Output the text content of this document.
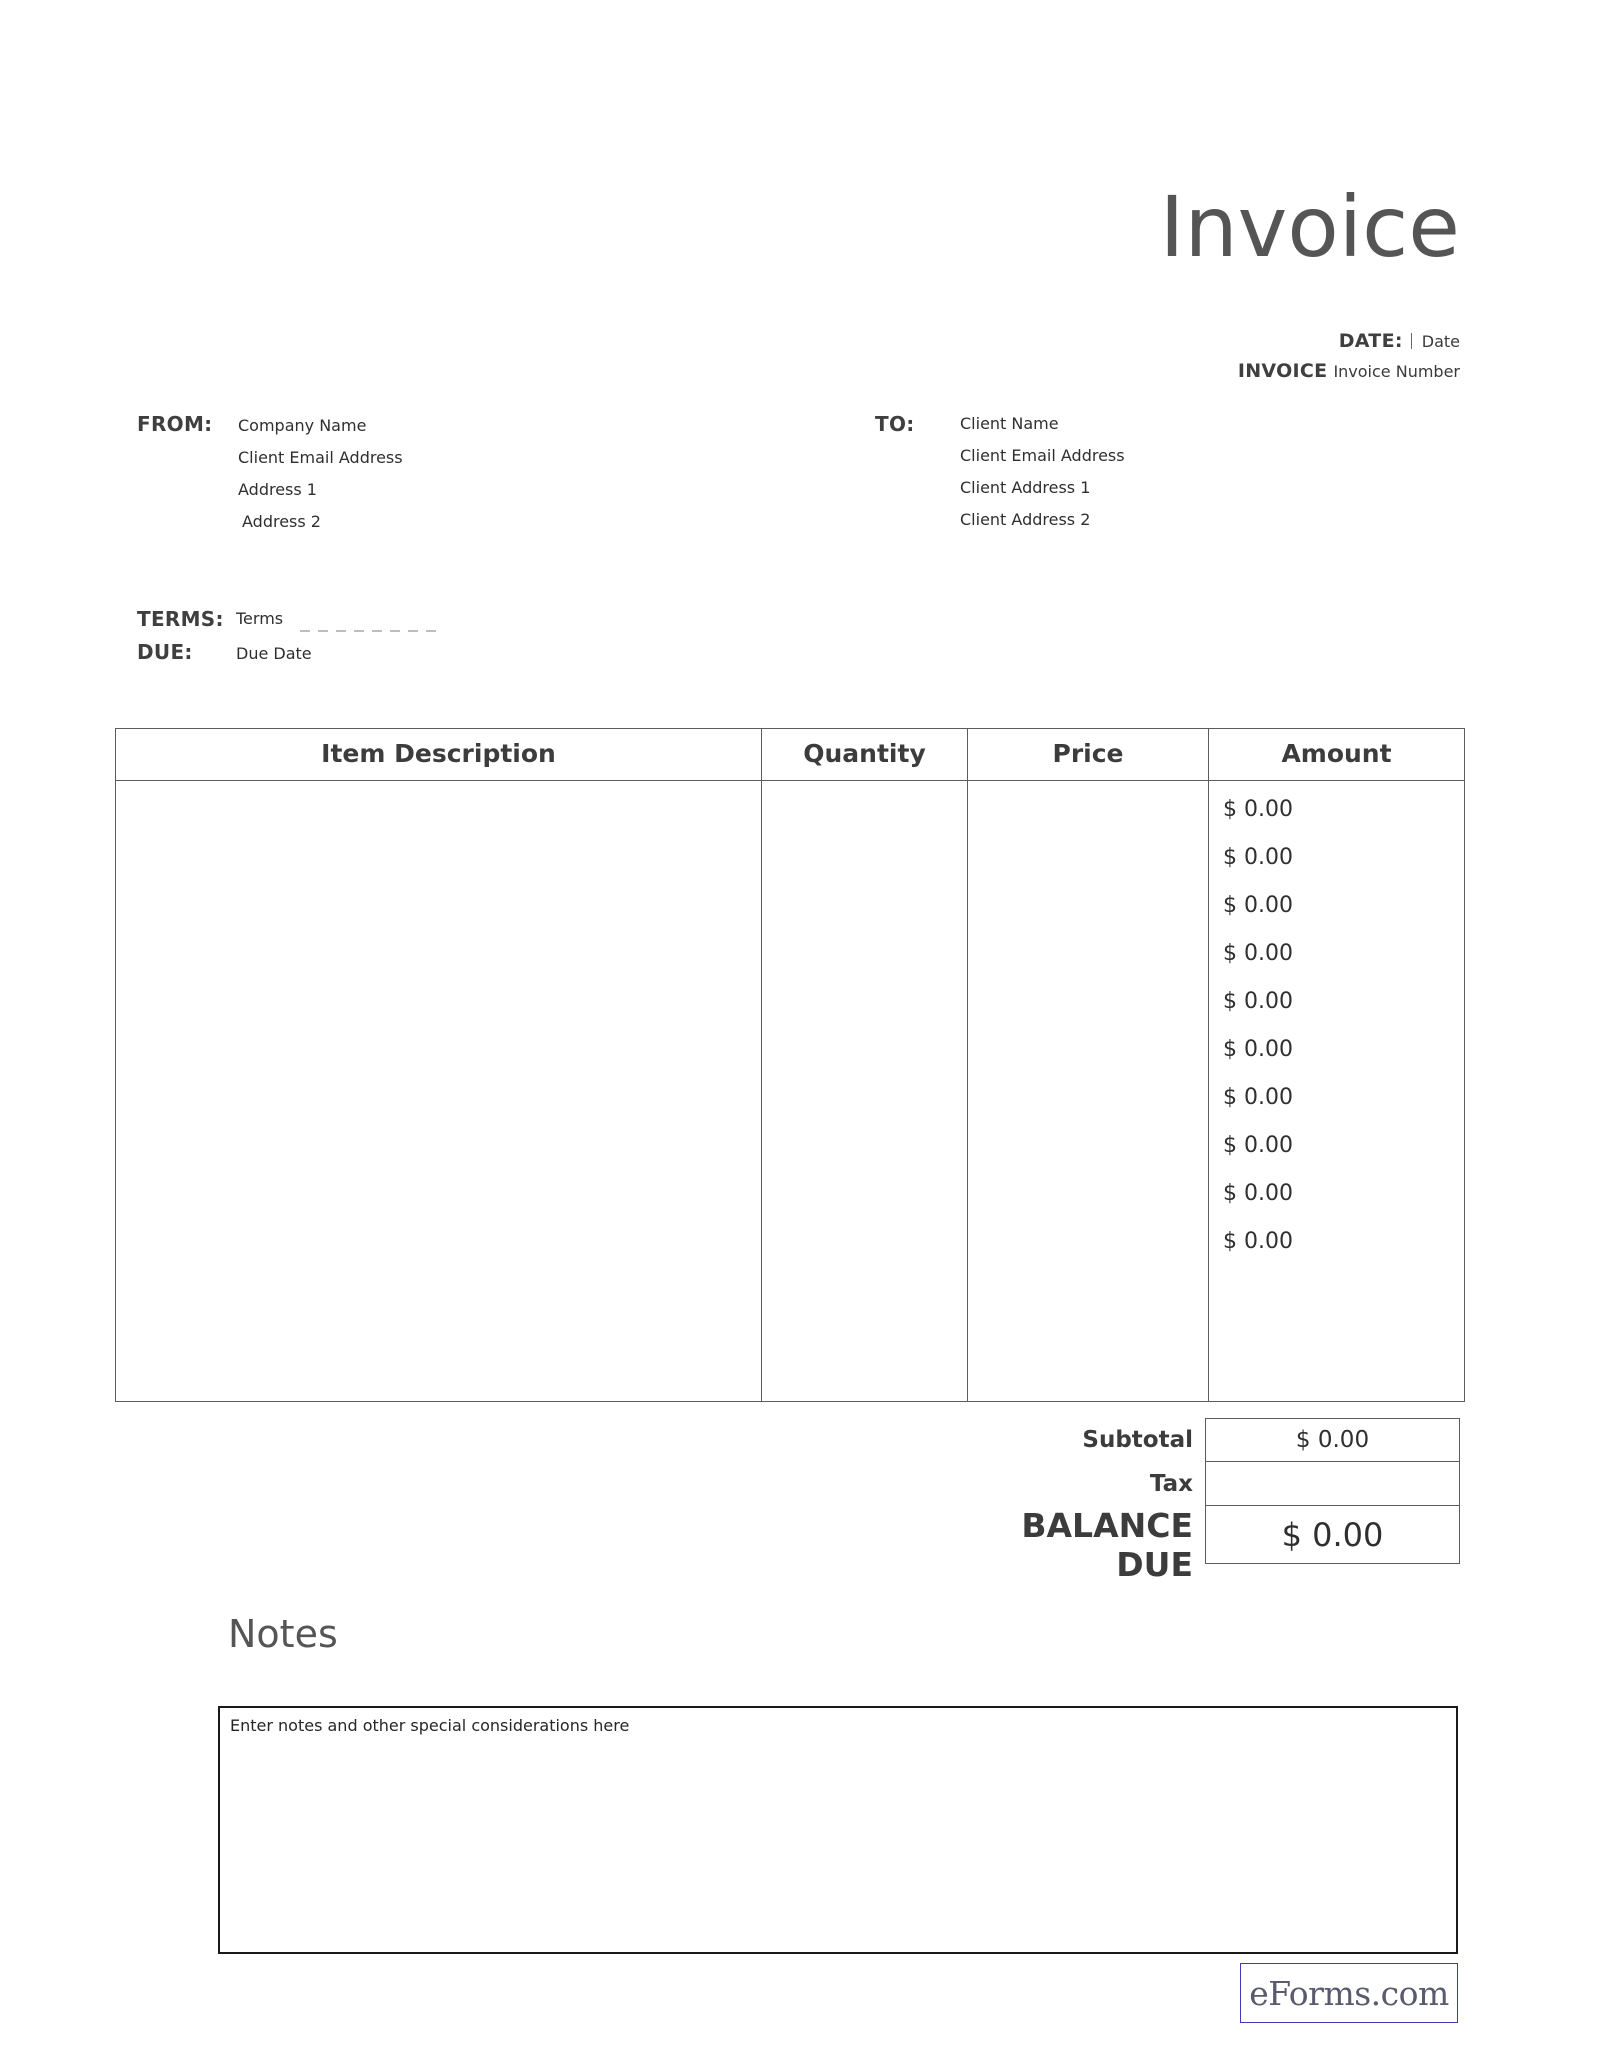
Invoice
DATE: Date
INVOICE Invoice Number
FROM: Company Name
Client Email Address
Address 1
Address 2
TO:	Client Name
Client Email Address
Client Address 1
Client Address 2
TERMS: Terms
DUE:	Due Date
Item Description	Quantity	Price	Amount

$ 0.00
$ 0.00
$ 0.00
$ 0.00
$ 0.00
$ 0.00
$ 0.00
$ 0.00
$ 0.00
$ 0.00
Subtotal	$ 0.00
Tax
BALANCE DUE
$ 0.00
Notes
Enter notes and other special considerations here
eForms.com
